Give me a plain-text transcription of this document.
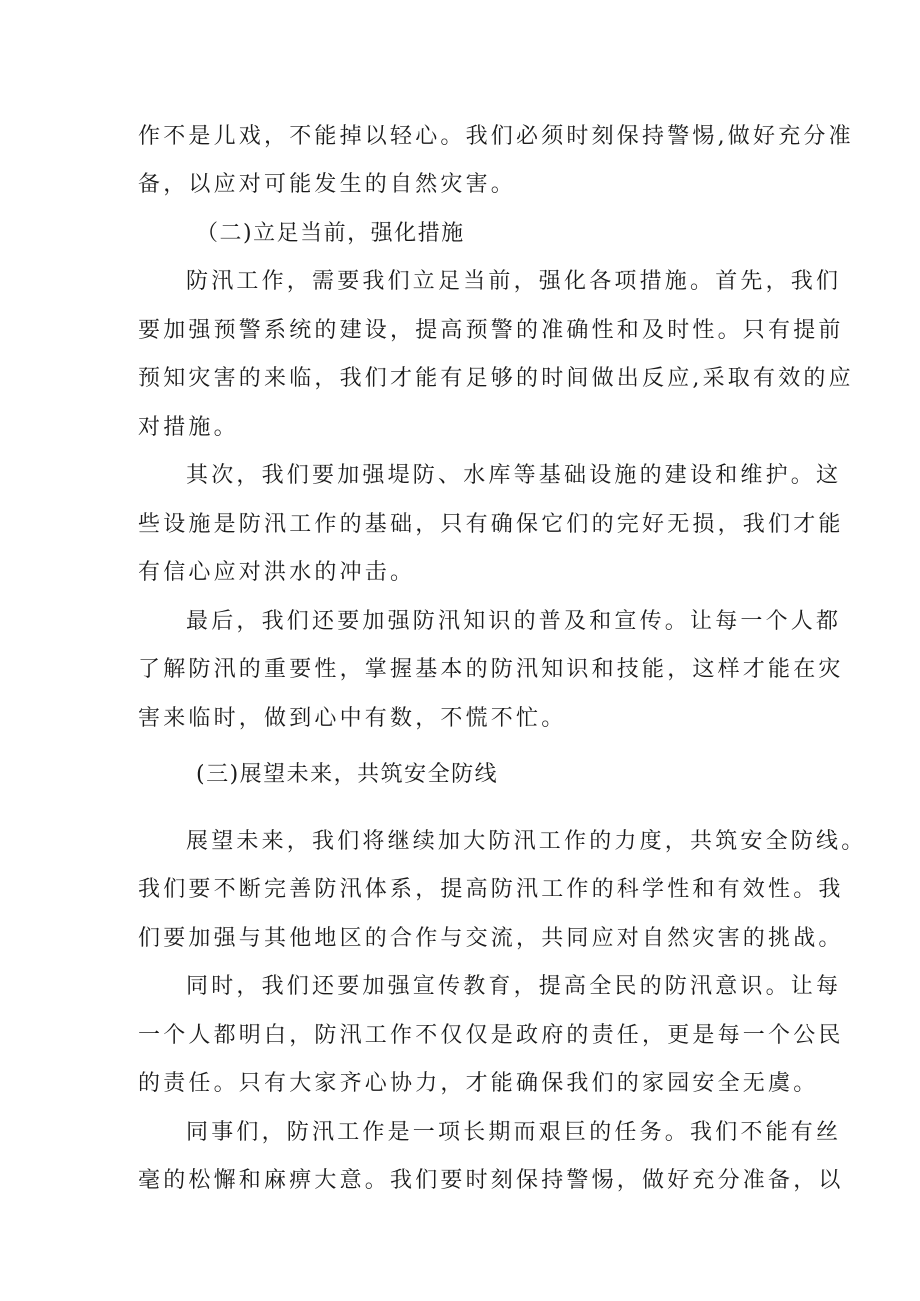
作不是儿戏，不能掉以轻心。我们必须时刻保持警惕,做好充分准
备，以应对可能发生的自然灾害。
（二)立足当前，强化措施
防汛工作，需要我们立足当前，强化各项措施。首先，我们
要加强预警系统的建设，提高预警的准确性和及时性。只有提前
预知灾害的来临，我们才能有足够的时间做出反应,采取有效的应
对措施。
其次，我们要加强堤防、水库等基础设施的建设和维护。这
些设施是防汛工作的基础，只有确保它们的完好无损，我们才能
有信心应对洪水的冲击。
最后，我们还要加强防汛知识的普及和宣传。让每一个人都
了解防汛的重要性，掌握基本的防汛知识和技能，这样才能在灾
害来临时，做到心中有数，不慌不忙。
(三)展望未来，共筑安全防线
展望未来，我们将继续加大防汛工作的力度，共筑安全防线。
我们要不断完善防汛体系，提高防汛工作的科学性和有效性。我
们要加强与其他地区的合作与交流，共同应对自然灾害的挑战。
同时，我们还要加强宣传教育，提高全民的防汛意识。让每
一个人都明白，防汛工作不仅仅是政府的责任，更是每一个公民
的责任。只有大家齐心协力，才能确保我们的家园安全无虞。
同事们，防汛工作是一项长期而艰巨的任务。我们不能有丝
毫的松懈和麻痹大意。我们要时刻保持警惕，做好充分准备，以
